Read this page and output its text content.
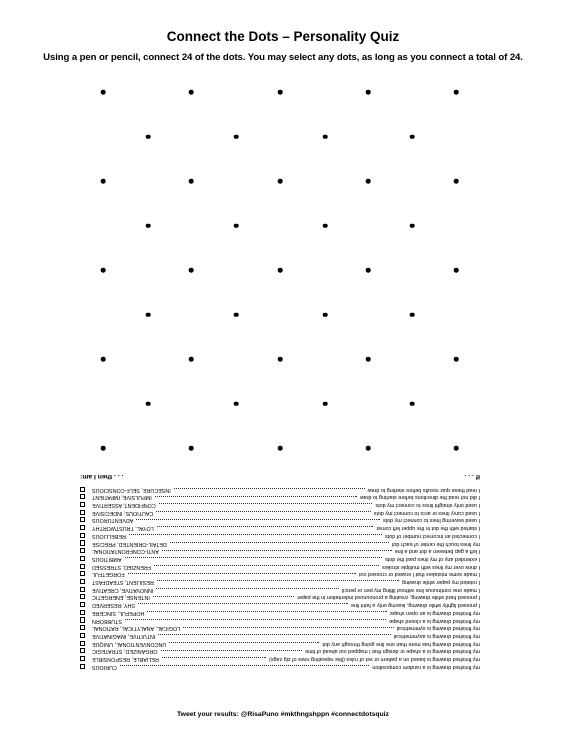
Connect the Dots – Personality Quiz
Using a pen or pencil, connect 24 of the dots. You may select any dots, as long as you connect a total of 24.
If . . .
. . . then I am:
I read these quiz results before starting to draw
INSECURE, SELF-CONSCIOUS
I did not read the directions before starting to draw
IMPULSIVE, IMPATIENT
I used only straight lines to connect my dots
CONFIDENT, ASSERTIVE
I used curvy lines or arcs to connect my dots
CAUTIOUS, INDECISIVE
I used wavering lines to connect my dots
ADVENTUROUS
I started with the dot in the upper left corner
LOYAL, TRUSTWORTHY
I connected an incorrect number of dots
REBELLIOUS
my lines touch the center of each dot
DETAIL-ORIENTED, PRECISE
I left a gap between a dot and a line
ANTI-CONFRONTATIONAL
I extended any of my lines past the dots
AMBITIOUS
I drew over my lines with multiple strokes
FRENZIED, STRESSED
I made some mistakes that I erased or crossed out
FORGETFUL
I rotated my paper while drawing
RESILIENT, STEADFAST
I made one continuous line without lifting my pen or pencil
INNOVATIVE, CREATIVE
I pressed hard while drawing, creating a pronounced indentation in the paper
INTENSE, ENERGETIC
I pressed lightly while drawing, leaving only a faint line
SHY, RESERVED
my finished drawing is an open shape
HOPEFUL, SINCERE
my finished drawing is a closed shape
STUBBORN
my finished drawing is symmetrical
LOGICAL, ANALYTICAL, RATIONAL
my finished drawing is asymmetrical
INTUITIVE, IMAGINATIVE
my finished drawing has more than one line going through any dot
UNCONVENTIONAL, UNIQUE
my finished drawing is a shape or design that I mapped out ahead of time
ORGANIZED, STRATEGIC
my finished drawing is based on a pattern or set of rules (like repeating rows of zig zags)
RELIABLE, RESPONSIBLE
my finished drawing is a random composition
CURIOUS
Tweet your results: @RisaPuno #mkthngshppn #connectdotsquiz
